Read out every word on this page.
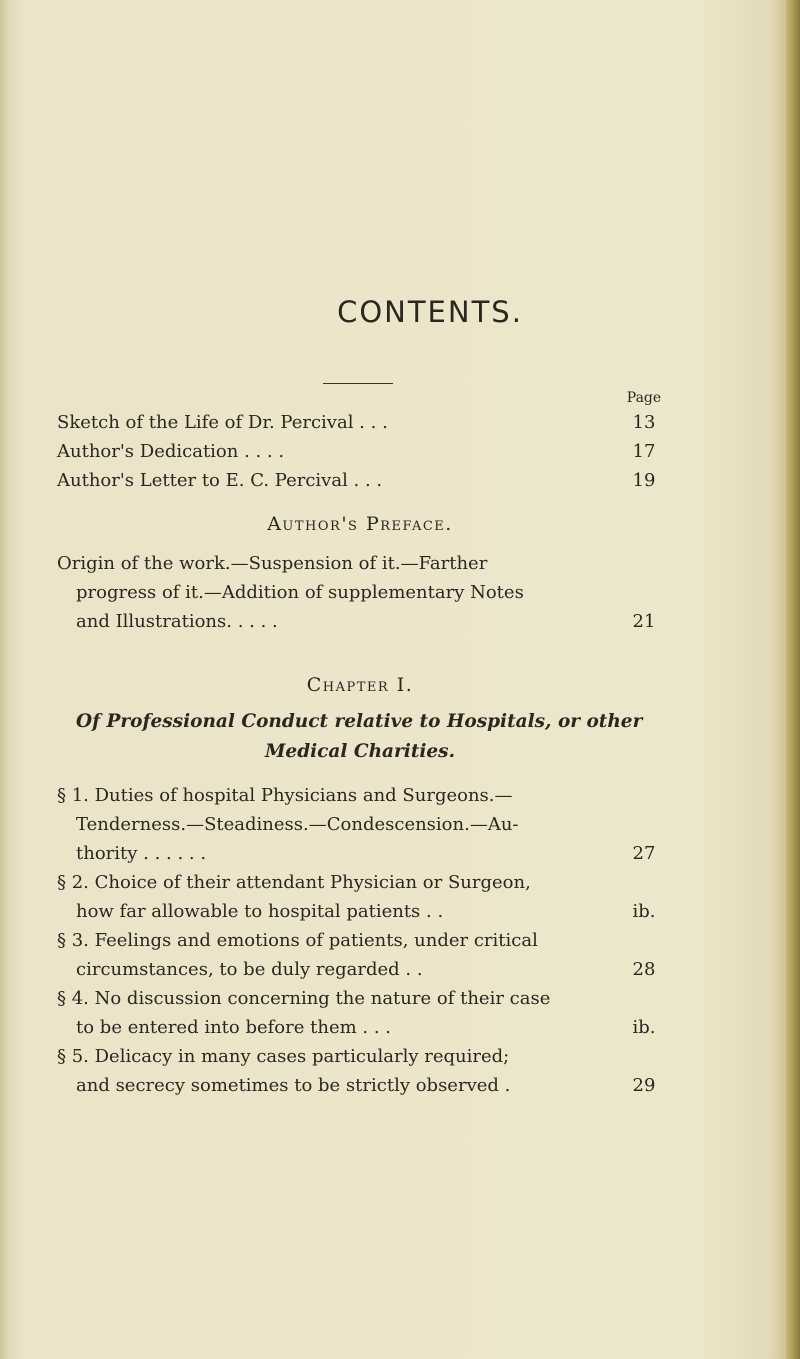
CONTENTS.
Page
Sketch of the Life of Dr. Percival . . .	13
Author's Dedication . . . .	17
Author's Letter to E. C. Percival . . .	19
Author's Preface.
Origin of the work.—Suspension of it.—Farther
progress of it.—Addition of supplementary Notes
and Illustrations. . . . .	21
Chapter I.
Of Professional Conduct relative to Hospitals, or other
Medical Charities.
§ 1. Duties of hospital Physicians and Surgeons.—
Tenderness.—Steadiness.—Condescension.—Au-
thority . . . . . .	27
§ 2. Choice of their attendant Physician or Surgeon,
how far allowable to hospital patients . .	ib.
§ 3. Feelings and emotions of patients, under critical
circumstances, to be duly regarded . .	28
§ 4. No discussion concerning the nature of their case
to be entered into before them . . .	ib.
§ 5. Delicacy in many cases particularly required;
and secrecy sometimes to be strictly observed .	29
